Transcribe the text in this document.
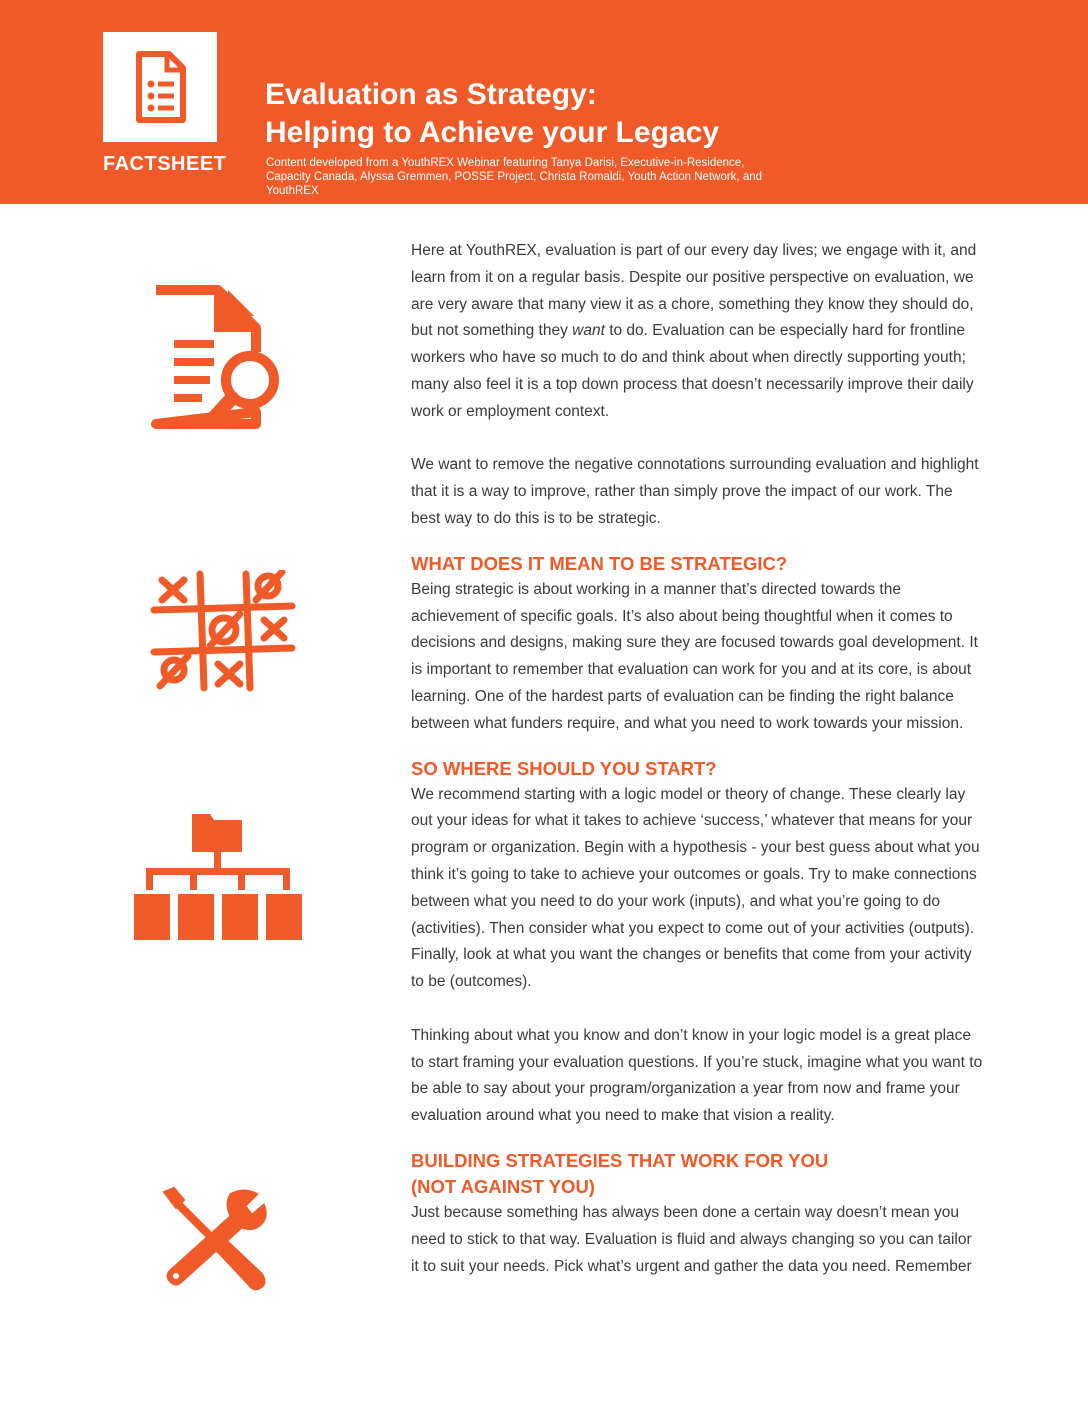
FACTSHEET
Evaluation as Strategy:
Helping to Achieve your Legacy
Content developed from a YouthREX Webinar featuring Tanya Darisi, Executive-in-Residence, Capacity Canada, Alyssa Gremmen, POSSE Project, Christa Romaldi, Youth Action Network, and YouthREX

Here at YouthREX, evaluation is part of our every day lives; we engage with it, and learn from it on a regular basis. Despite our positive perspective on evaluation, we are very aware that many view it as a chore, something they know they should do, but not something they want to do. Evaluation can be especially hard for frontline workers who have so much to do and think about when directly supporting youth; many also feel it is a top down process that doesn’t necessarily improve their daily work or employment context.

We want to remove the negative connotations surrounding evaluation and highlight that it is a way to improve, rather than simply prove the impact of our work. The best way to do this is to be strategic.

WHAT DOES IT MEAN TO BE STRATEGIC?

Being strategic is about working in a manner that’s directed towards the achievement of specific goals. It’s also about being thoughtful when it comes to decisions and designs, making sure they are focused towards goal development. It is important to remember that evaluation can work for you and at its core, is about learning. One of the hardest parts of evaluation can be finding the right balance between what funders require, and what you need to work towards your mission.

SO WHERE SHOULD YOU START?

We recommend starting with a logic model or theory of change. These clearly lay out your ideas for what it takes to achieve ‘success,’ whatever that means for your program or organization. Begin with a hypothesis - your best guess about what you think it’s going to take to achieve your outcomes or goals. Try to make connections between what you need to do your work (inputs), and what you’re going to do (activities). Then consider what you expect to come out of your activities (outputs). Finally, look at what you want the changes or benefits that come from your activity to be (outcomes).

Thinking about what you know and don’t know in your logic model is a great place to start framing your evaluation questions. If you’re stuck, imagine what you want to be able to say about your program/organization a year from now and frame your evaluation around what you need to make that vision a reality.

BUILDING STRATEGIES THAT WORK FOR YOU
(NOT AGAINST YOU)

Just because something has always been done a certain way doesn’t mean you need to stick to that way. Evaluation is fluid and always changing so you can tailor it to suit your needs. Pick what’s urgent and gather the data you need. Remember
